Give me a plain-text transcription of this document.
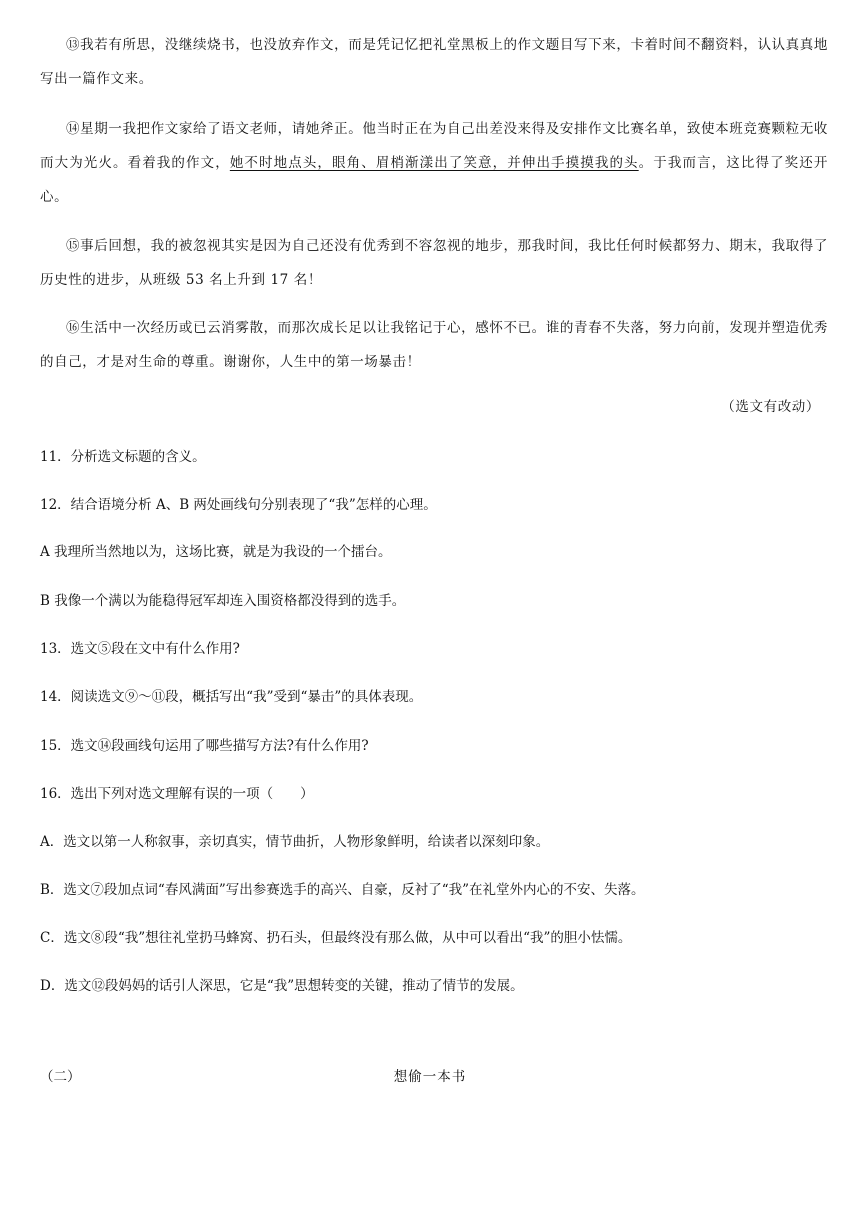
⑬我若有所思，没继续烧书，也没放弃作文，而是凭记忆把礼堂黑板上的作文题目写下来，卡着时间不翻资料，认认真真地写出一篇作文来。
⑭星期一我把作文家给了语文老师，请她斧正。他当时正在为自己出差没来得及安排作文比赛名单，致使本班竞赛颗粒无收而大为光火。看着我的作文，她不时地点头，眼角、眉梢渐漾出了笑意，并伸出手摸摸我的头。于我而言，这比得了奖还开心。
⑮事后回想，我的被忽视其实是因为自己还没有优秀到不容忽视的地步，那我时间，我比任何时候都努力、期末，我取得了历史性的进步，从班级 53 名上升到 17 名！
⑯生活中一次经历或已云消雾散，而那次成长足以让我铭记于心，感怀不已。谁的青春不失落，努力向前，发现并塑造优秀的自己，才是对生命的尊重。谢谢你，人生中的第一场暴击！
（选文有改动）
11．分析选文标题的含义。
12．结合语境分析 A、B 两处画线句分别表现了“我”怎样的心理。
A 我理所当然地以为，这场比赛，就是为我设的一个擂台。
B 我像一个满以为能稳得冠军却连入围资格都没得到的选手。
13．选文⑤段在文中有什么作用?
14．阅读选文⑨～⑪段，概括写出“我”受到“暴击”的具体表现。
15．选文⑭段画线句运用了哪些描写方法?有什么作用?
16．选出下列对选文理解有误的一项（　　）
A．选文以第一人称叙事，亲切真实，情节曲折，人物形象鲜明，给读者以深刻印象。
B．选文⑦段加点词“春风满面”写出参赛选手的高兴、自豪，反衬了“我”在礼堂外内心的不安、失落。
C．选文⑧段“我”想往礼堂扔马蜂窝、扔石头，但最终没有那么做，从中可以看出“我”的胆小怯懦。
D．选文⑫段妈妈的话引人深思，它是“我”思想转变的关键，推动了情节的发展。
（二）	想偷一本书
